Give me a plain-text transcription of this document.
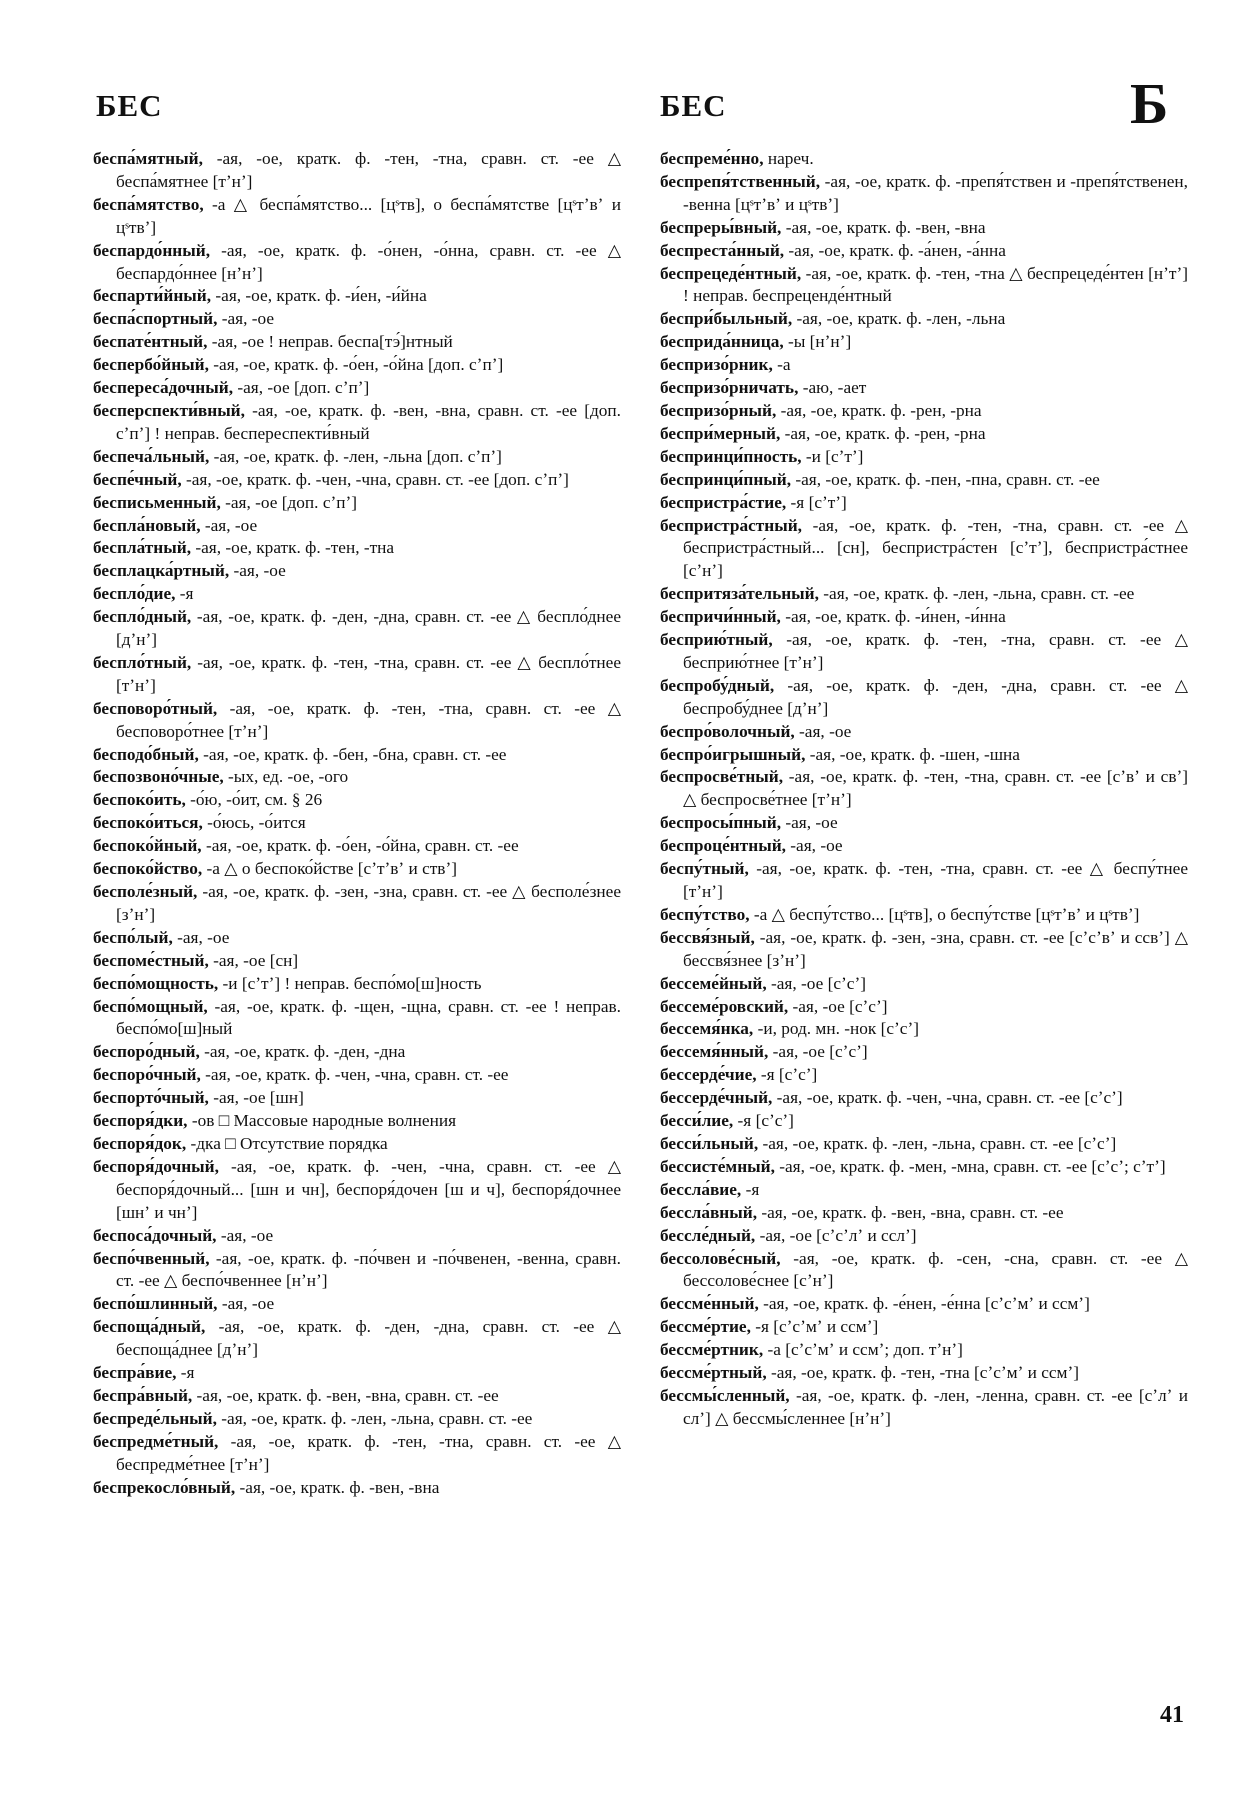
БЕС	БЕС	Б

беспа́мятный, -ая, -ое, кратк. ф. -тен, -тна, сравн. ст. -ее △ беспа́мятнее [тʼнʼ]

беспа́мятство, -а △ беспа́мятство... [цˢтв], о беспа́мятстве [цˢтʼвʼ и цˢтвʼ]

беспардо́нный, -ая, -ое, кратк. ф. -о́нен, -о́нна, сравн. ст. -ее △ беспардо́ннее [нʼнʼ]

беспарти́йный, -ая, -ое, кратк. ф. -и́ен, -и́йна

беспа́спортный, -ая, -ое

беспате́нтный, -ая, -ое ! неправ. беспа[тэ́]нтный

беспербо́йный, -ая, -ое, кратк. ф. -о́ен, -о́йна [доп. сʼпʼ]

беспереса́дочный, -ая, -ое [доп. сʼпʼ]

бесперспекти́вный, -ая, -ое, кратк. ф. -вен, -вна, сравн. ст. -ее [доп. сʼпʼ] ! неправ. беспереспекти́вный

беспеча́льный, -ая, -ое, кратк. ф. -лен, -льна [доп. сʼпʼ]

беспе́чный, -ая, -ое, кратк. ф. -чен, -чна, сравн. ст. -ее [доп. сʼпʼ]

бесписьменный, -ая, -ое [доп. сʼпʼ]

беспла́новый, -ая, -ое

беспла́тный, -ая, -ое, кратк. ф. -тен, -тна

бесплацка́ртный, -ая, -ое

беспло́дие, -я

беспло́дный, -ая, -ое, кратк. ф. -ден, -дна, сравн. ст. -ее △ беспло́днее [дʼнʼ]

беспло́тный, -ая, -ое, кратк. ф. -тен, -тна, сравн. ст. -ее △ беспло́тнее [тʼнʼ]

бесповоро́тный, -ая, -ое, кратк. ф. -тен, -тна, сравн. ст. -ее △ бесповоро́тнее [тʼнʼ]

бесподо́бный, -ая, -ое, кратк. ф. -бен, -бна, сравн. ст. -ее

беспозвоно́чные, -ых, ед. -ое, -ого

беспоко́ить, -о́ю, -о́ит, см. § 26

беспоко́иться, -о́юсь, -о́ится

беспоко́йный, -ая, -ое, кратк. ф. -о́ен, -о́йна, сравн. ст. -ее

беспоко́йство, -а △ о беспоко́йстве [сʼтʼвʼ и ствʼ]

бесполе́зный, -ая, -ое, кратк. ф. -зен, -зна, сравн. ст. -ее △ бесполе́знее [зʼнʼ]

беспо́лый, -ая, -ое

беспоме́стный, -ая, -ое [сн]

беспо́мощность, -и [сʼтʼ] ! неправ. беспо́мо[ш]ность

беспо́мощный, -ая, -ое, кратк. ф. -щен, -щна, сравн. ст. -ее ! неправ. беспо́мо[ш]ный

беспоро́дный, -ая, -ое, кратк. ф. -ден, -дна

беспоро́чный, -ая, -ое, кратк. ф. -чен, -чна, сравн. ст. -ее

беспорто́чный, -ая, -ое [шн]

беспоря́дки, -ов □ Массовые народные волнения

беспоря́док, -дка □ Отсутствие порядка

беспоря́дочный, -ая, -ое, кратк. ф. -чен, -чна, сравн. ст. -ее △ беспоря́дочный... [шн и чн], беспоря́дочен [ш и ч], беспоря́дочнее [шнʼ и чнʼ]

беспоса́дочный, -ая, -ое

беспо́чвенный, -ая, -ое, кратк. ф. -по́чвен и -по́чвенен, -венна, сравн. ст. -ее △ беспо́чвеннее [нʼнʼ]

беспо́шлинный, -ая, -ое

беспоща́дный, -ая, -ое, кратк. ф. -ден, -дна, сравн. ст. -ее △ беспоща́днее [дʼнʼ]

беспра́вие, -я

беспра́вный, -ая, -ое, кратк. ф. -вен, -вна, сравн. ст. -ее

беспреде́льный, -ая, -ое, кратк. ф. -лен, -льна, сравн. ст. -ее

беспредме́тный, -ая, -ое, кратк. ф. -тен, -тна, сравн. ст. -ее △ беспредме́тнее [тʼнʼ]

беспрекосло́вный, -ая, -ое, кратк. ф. -вен, -вна

беспреме́нно, нареч.

беспрепя́тственный, -ая, -ое, кратк. ф. -препя́тствен и -препя́тственен, -венна [цˢтʼвʼ и цˢтвʼ]

беспреры́вный, -ая, -ое, кратк. ф. -вен, -вна

беспреста́нный, -ая, -ое, кратк. ф. -а́нен, -а́нна

беспрецеде́нтный, -ая, -ое, кратк. ф. -тен, -тна △ беспрецеде́нтен [нʼтʼ] ! неправ. беспреценде́нтный

беспри́быльный, -ая, -ое, кратк. ф. -лен, -льна

бесприда́нница, -ы [нʼнʼ]

беспризо́рник, -а

беспризо́рничать, -аю, -ает

беспризо́рный, -ая, -ое, кратк. ф. -рен, -рна

беспри́мерный, -ая, -ое, кратк. ф. -рен, -рна

беспринци́пность, -и [сʼтʼ]

беспринци́пный, -ая, -ое, кратк. ф. -пен, -пна, сравн. ст. -ее

беспристра́стие, -я [сʼтʼ]

беспристра́стный, -ая, -ое, кратк. ф. -тен, -тна, сравн. ст. -ее △ беспристра́стный... [сн], беспристра́стен [сʼтʼ], беспристра́стнее [сʼнʼ]

беспритяза́тельный, -ая, -ое, кратк. ф. -лен, -льна, сравн. ст. -ее

беспричи́нный, -ая, -ое, кратк. ф. -и́нен, -и́нна

бесприю́тный, -ая, -ое, кратк. ф. -тен, -тна, сравн. ст. -ее △ бесприю́тнее [тʼнʼ]

беспробу́дный, -ая, -ое, кратк. ф. -ден, -дна, сравн. ст. -ее △ беспробу́днее [дʼнʼ]

беспро́волочный, -ая, -ое

беспро́игрышный, -ая, -ое, кратк. ф. -шен, -шна

беспросве́тный, -ая, -ое, кратк. ф. -тен, -тна, сравн. ст. -ее [сʼвʼ и свʼ] △ беспросве́тнее [тʼнʼ]

беспросы́пный, -ая, -ое

беспроце́нтный, -ая, -ое

беспу́тный, -ая, -ое, кратк. ф. -тен, -тна, сравн. ст. -ее △ беспу́тнее [тʼнʼ]

беспу́тство, -а △ беспу́тство... [цˢтв], о беспу́тстве [цˢтʼвʼ и цˢтвʼ]

бессвя́зный, -ая, -ое, кратк. ф. -зен, -зна, сравн. ст. -ее [сʼсʼвʼ и ссвʼ] △ бессвя́знее [зʼнʼ]

бессеме́йный, -ая, -ое [сʼсʼ]

бессеме́ровский, -ая, -ое [сʼсʼ]

бессемя́нка, -и, род. мн. -нок [сʼсʼ]

бессемя́нный, -ая, -ое [сʼсʼ]

бессерде́чие, -я [сʼсʼ]

бессерде́чный, -ая, -ое, кратк. ф. -чен, -чна, сравн. ст. -ее [сʼсʼ]

бесси́лие, -я [сʼсʼ]

бесси́льный, -ая, -ое, кратк. ф. -лен, -льна, сравн. ст. -ее [сʼсʼ]

бессисте́мный, -ая, -ое, кратк. ф. -мен, -мна, сравн. ст. -ее [сʼсʼ; сʼтʼ]

бессла́вие, -я

бессла́вный, -ая, -ое, кратк. ф. -вен, -вна, сравн. ст. -ее

бессле́дный, -ая, -ое [сʼсʼлʼ и сслʼ]

бессолове́сный, -ая, -ое, кратк. ф. -сен, -сна, сравн. ст. -ее △ бессолове́снее [сʼнʼ]

бессме́нный, -ая, -ое, кратк. ф. -е́нен, -е́нна [сʼсʼмʼ и ссмʼ]

бессме́ртие, -я [сʼсʼмʼ и ссмʼ]

бессме́ртник, -а [сʼсʼмʼ и ссмʼ; доп. тʼнʼ]

бессме́ртный, -ая, -ое, кратк. ф. -тен, -тна [сʼсʼмʼ и ссмʼ]

бессмы́сленный, -ая, -ое, кратк. ф. -лен, -ленна, сравн. ст. -ее [сʼлʼ и слʼ] △ бессмы́сленнее [нʼнʼ]

41
